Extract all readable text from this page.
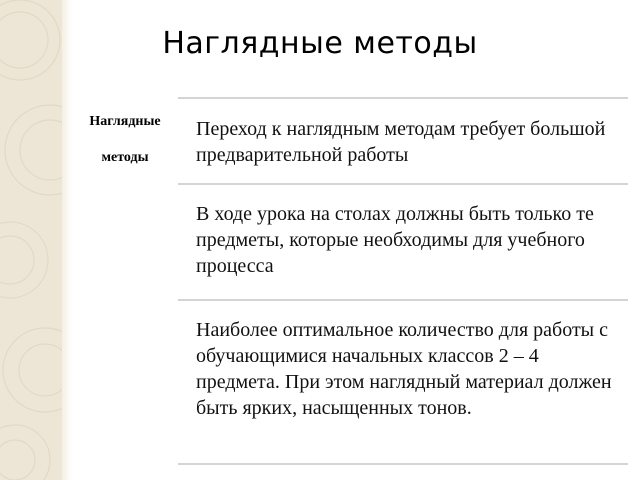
Наглядные методы
Наглядные
методы
Переход к наглядным методам требует большой предварительной работы
В ходе урока на столах должны быть только те предметы, которые необходимы для учебного процесса
Наиболее оптимальное количество для работы с обучающимися начальных классов 2 – 4 предмета. При этом наглядный материал должен быть ярких, насыщенных тонов.
